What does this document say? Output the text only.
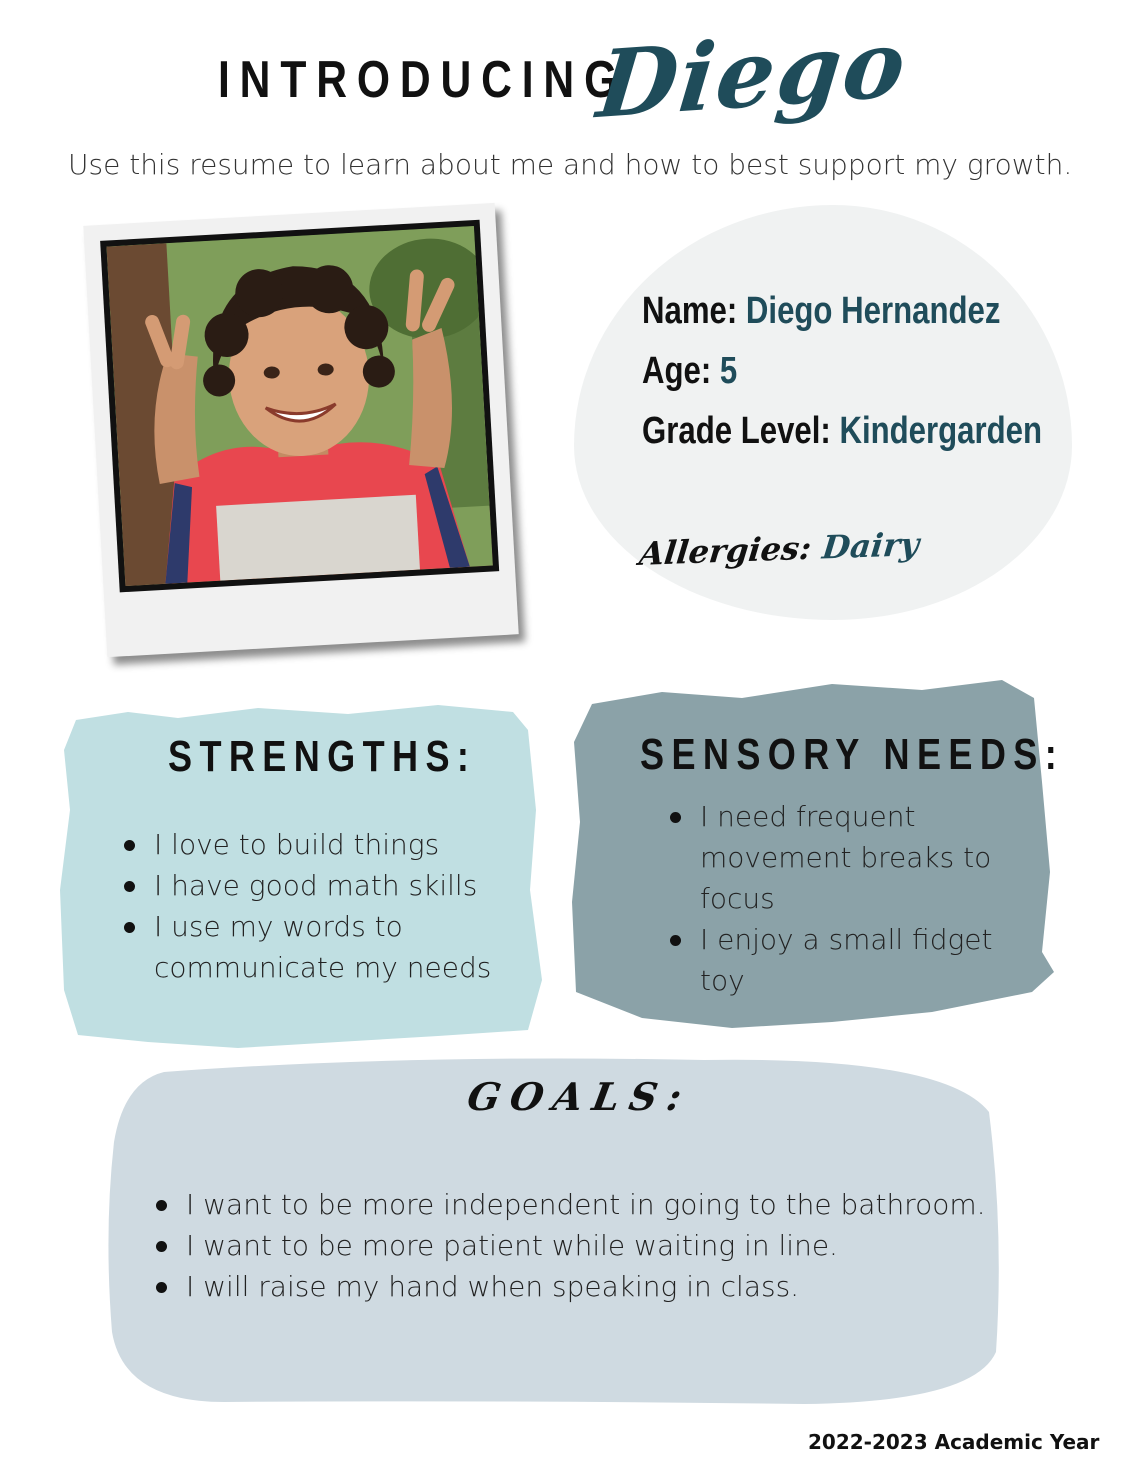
INTRODUCING
Diego
Use this resume to learn about me and how to best support my growth.
Name: Diego Hernandez
Age: 5
Grade Level: Kindergarden
Allergies: Dairy
STRENGTHS:
I love to build things
I have good math skills
I use my words to communicate my needs
SENSORY NEEDS:
I need frequent movement breaks to focus
I enjoy a small fidget toy
GOALS:
I want to be more independent in going to the bathroom.
I want to be more patient while waiting in line.
I will raise my hand when speaking in class.
2022-2023 Academic Year
